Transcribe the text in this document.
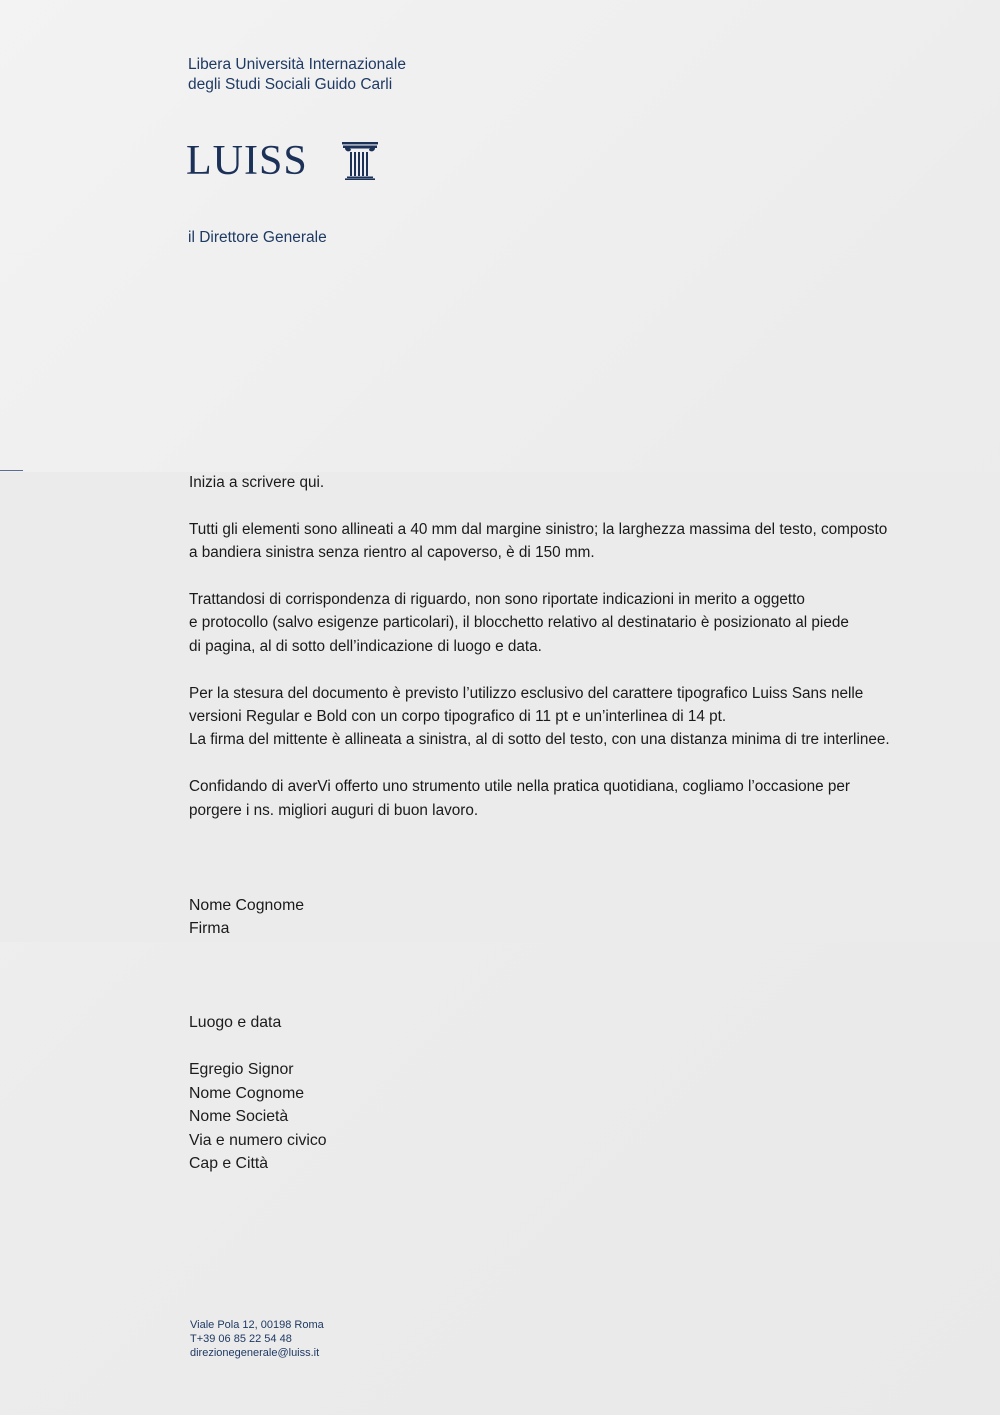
Libera Università Internazionale
degli Studi Sociali Guido Carli
LUISS
il Direttore Generale

Inizia a scrivere qui.

Tutti gli elementi sono allineati a 40 mm dal margine sinistro; la larghezza massima del testo, composto
a bandiera sinistra senza rientro al capoverso, è di 150 mm.

Trattandosi di corrispondenza di riguardo, non sono riportate indicazioni in merito a oggetto
e protocollo (salvo esigenze particolari), il blocchetto relativo al destinatario è posizionato al piede
di pagina, al di sotto dell’indicazione di luogo e data.

Per la stesura del documento è previsto l’utilizzo esclusivo del carattere tipografico Luiss Sans nelle
versioni Regular e Bold con un corpo tipografico di 11 pt e un’interlinea di 14 pt.
La firma del mittente è allineata a sinistra, al di sotto del testo, con una distanza minima di tre interlinee.

Confidando di averVi offerto uno strumento utile nella pratica quotidiana, cogliamo l’occasione per
porgere i ns. migliori auguri di buon lavoro.

Nome Cognome
Firma
Luogo e data
Egregio Signor
Nome Cognome
Nome Società
Via e numero civico
Cap e Città
Viale Pola 12, 00198 Roma
T+39 06 85 22 54 48
direzionegenerale@luiss.it
